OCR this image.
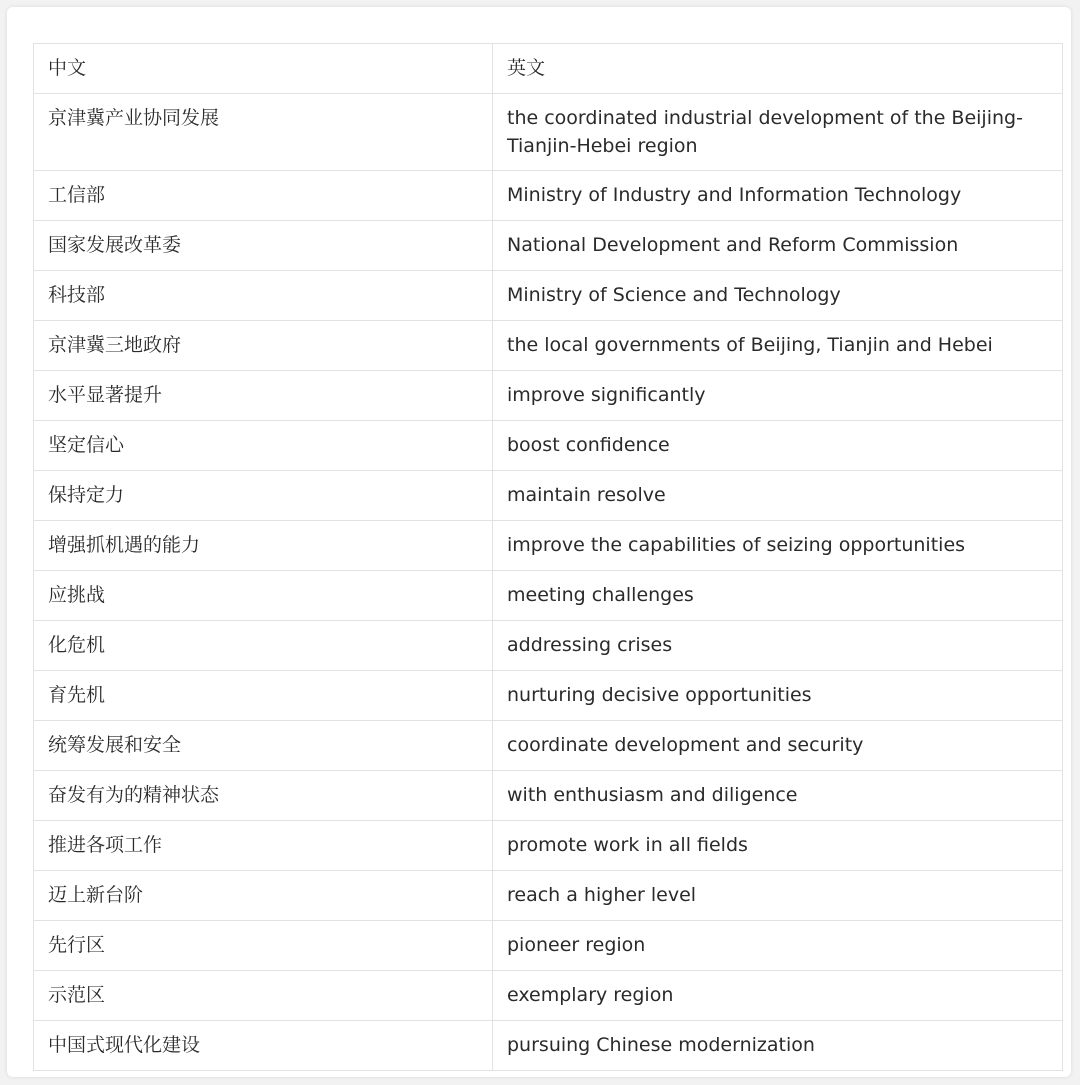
中文	英文
京津冀产业协同发展	the coordinated industrial development of the Beijing-Tianjin-Hebei region
工信部	Ministry of Industry and Information Technology
国家发展改革委	National Development and Reform Commission
科技部	Ministry of Science and Technology
京津冀三地政府	the local governments of Beijing, Tianjin and Hebei
水平显著提升	improve significantly
坚定信心	boost confidence
保持定力	maintain resolve
增强抓机遇的能力	improve the capabilities of seizing opportunities
应挑战	meeting challenges
化危机	addressing crises
育先机	nurturing decisive opportunities
统筹发展和安全	coordinate development and security
奋发有为的精神状态	with enthusiasm and diligence
推进各项工作	promote work in all fields
迈上新台阶	reach a higher level
先行区	pioneer region
示范区	exemplary region
中国式现代化建设	pursuing Chinese modernization
